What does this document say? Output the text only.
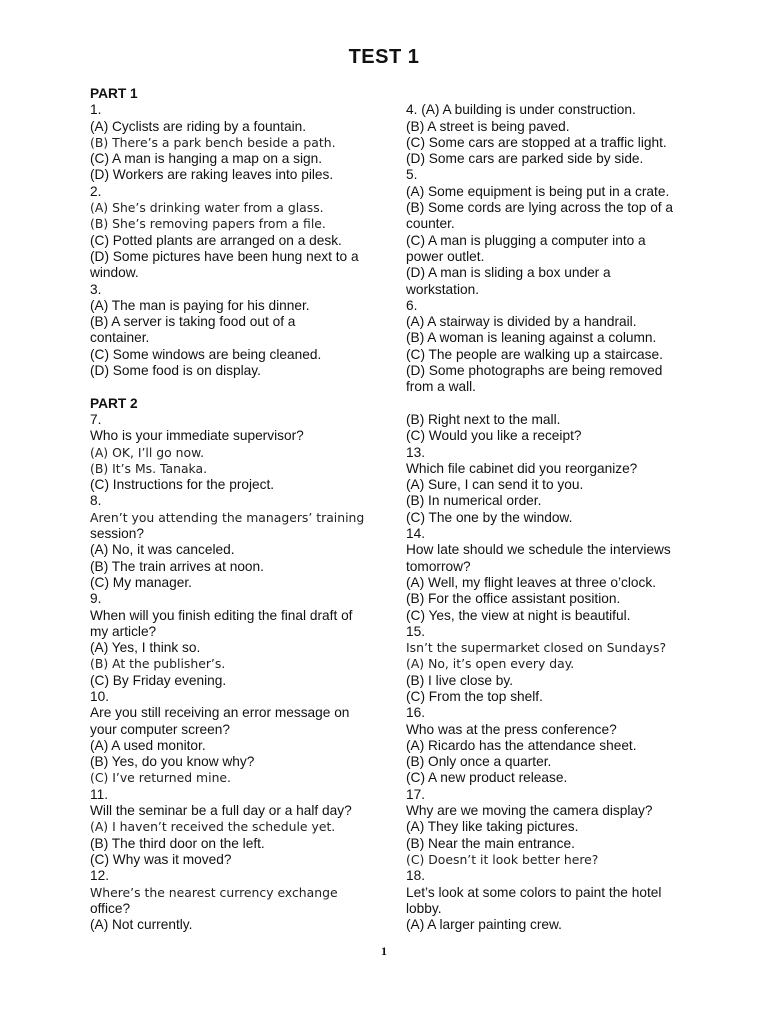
TEST 1
PART 1
1.
(A) Cyclists are riding by a fountain.
(B) There’s a park bench beside a path.
(C) A man is hanging a map on a sign.
(D) Workers are raking leaves into piles.
2.
(A) She’s drinking water from a glass.
(B) She’s removing papers from a file.
(C) Potted plants are arranged on a desk.
(D) Some pictures have been hung next to a
window.
3.
(A) The man is paying for his dinner.
(B) A server is taking food out of a
container.
(C) Some windows are being cleaned.
(D) Some food is on display.
PART 2
7.
Who is your immediate supervisor?
(A) OK, I’ll go now.
(B) It’s Ms. Tanaka.
(C) Instructions for the project.
8.
Aren’t you attending the managers’ training
session?
(A) No, it was canceled.
(B) The train arrives at noon.
(C) My manager.
9.
When will you finish editing the final draft of
my article?
(A) Yes, I think so.
(B) At the publisher’s.
(C) By Friday evening.
10.
Are you still receiving an error message on
your computer screen?
(A) A used monitor.
(B) Yes, do you know why?
(C) I’ve returned mine.
11.
Will the seminar be a full day or a half day?
(A) I haven’t received the schedule yet.
(B) The third door on the left.
(C) Why was it moved?
12.
Where’s the nearest currency exchange
office?
(A) Not currently.
4. (A) A building is under construction.
(B) A street is being paved.
(C) Some cars are stopped at a traffic light.
(D) Some cars are parked side by side.
5.
(A) Some equipment is being put in a crate.
(B) Some cords are lying across the top of a
counter.
(C) A man is plugging a computer into a
power outlet.
(D) A man is sliding a box under a
workstation.
6.
(A) A stairway is divided by a handrail.
(B) A woman is leaning against a column.
(C) The people are walking up a staircase.
(D) Some photographs are being removed
from a wall.
(B) Right next to the mall.
(C) Would you like a receipt?
13.
Which file cabinet did you reorganize?
(A) Sure, I can send it to you.
(B) In numerical order.
(C) The one by the window.
14.
How late should we schedule the interviews
tomorrow?
(A) Well, my flight leaves at three o’clock.
(B) For the office assistant position.
(C) Yes, the view at night is beautiful.
15.
Isn’t the supermarket closed on Sundays?
(A) No, it’s open every day.
(B) I live close by.
(C) From the top shelf.
16.
Who was at the press conference?
(A) Ricardo has the attendance sheet.
(B) Only once a quarter.
(C) A new product release.
17.
Why are we moving the camera display?
(A) They like taking pictures.
(B) Near the main entrance.
(C) Doesn’t it look better here?
18.
Let’s look at some colors to paint the hotel
lobby.
(A) A larger painting crew.
1
